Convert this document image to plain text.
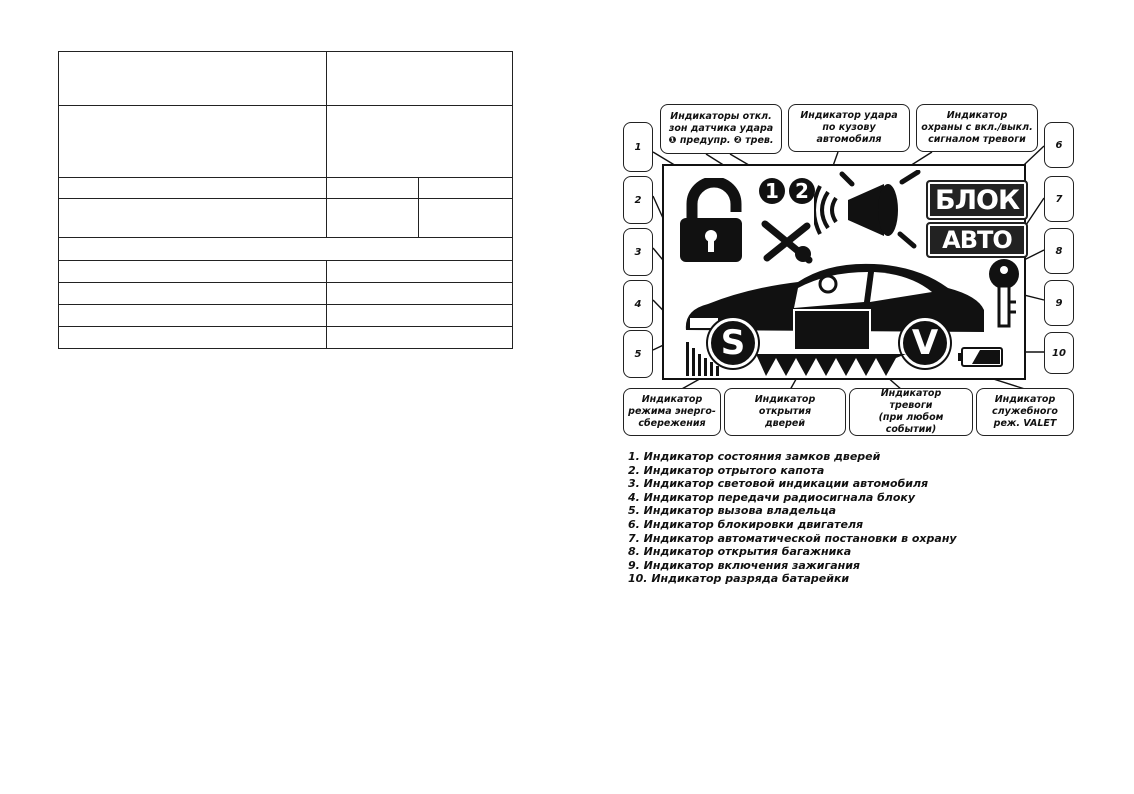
1 2	БЛОК
АВТО
S	V
Индикаторы откл.
зон датчика удара
❶ предупр. ❷ трев.
Индикатор удара
по кузову
автомобиля
Индикатор
охраны с вкл./выкл.
сигналом тревоги
1
2
3
4
5
6
7
8
9
10
Индикатор
режима энерго-
сбережения
Индикатор
открытия
дверей
Индикатор
тревоги
(при любом событии)
Индикатор
служебного
реж. VALET
1. Индикатор состояния замков дверей
2. Индикатор отрытого капота
3. Индикатор световой индикации автомобиля
4. Индикатор передачи радиосигнала блоку
5. Индикатор вызова владельца
6. Индикатор блокировки двигателя
7. Индикатор автоматической постановки в охрану
8. Индикатор открытия багажника
9. Индикатор включения зажигания
10. Индикатор разряда батарейки
